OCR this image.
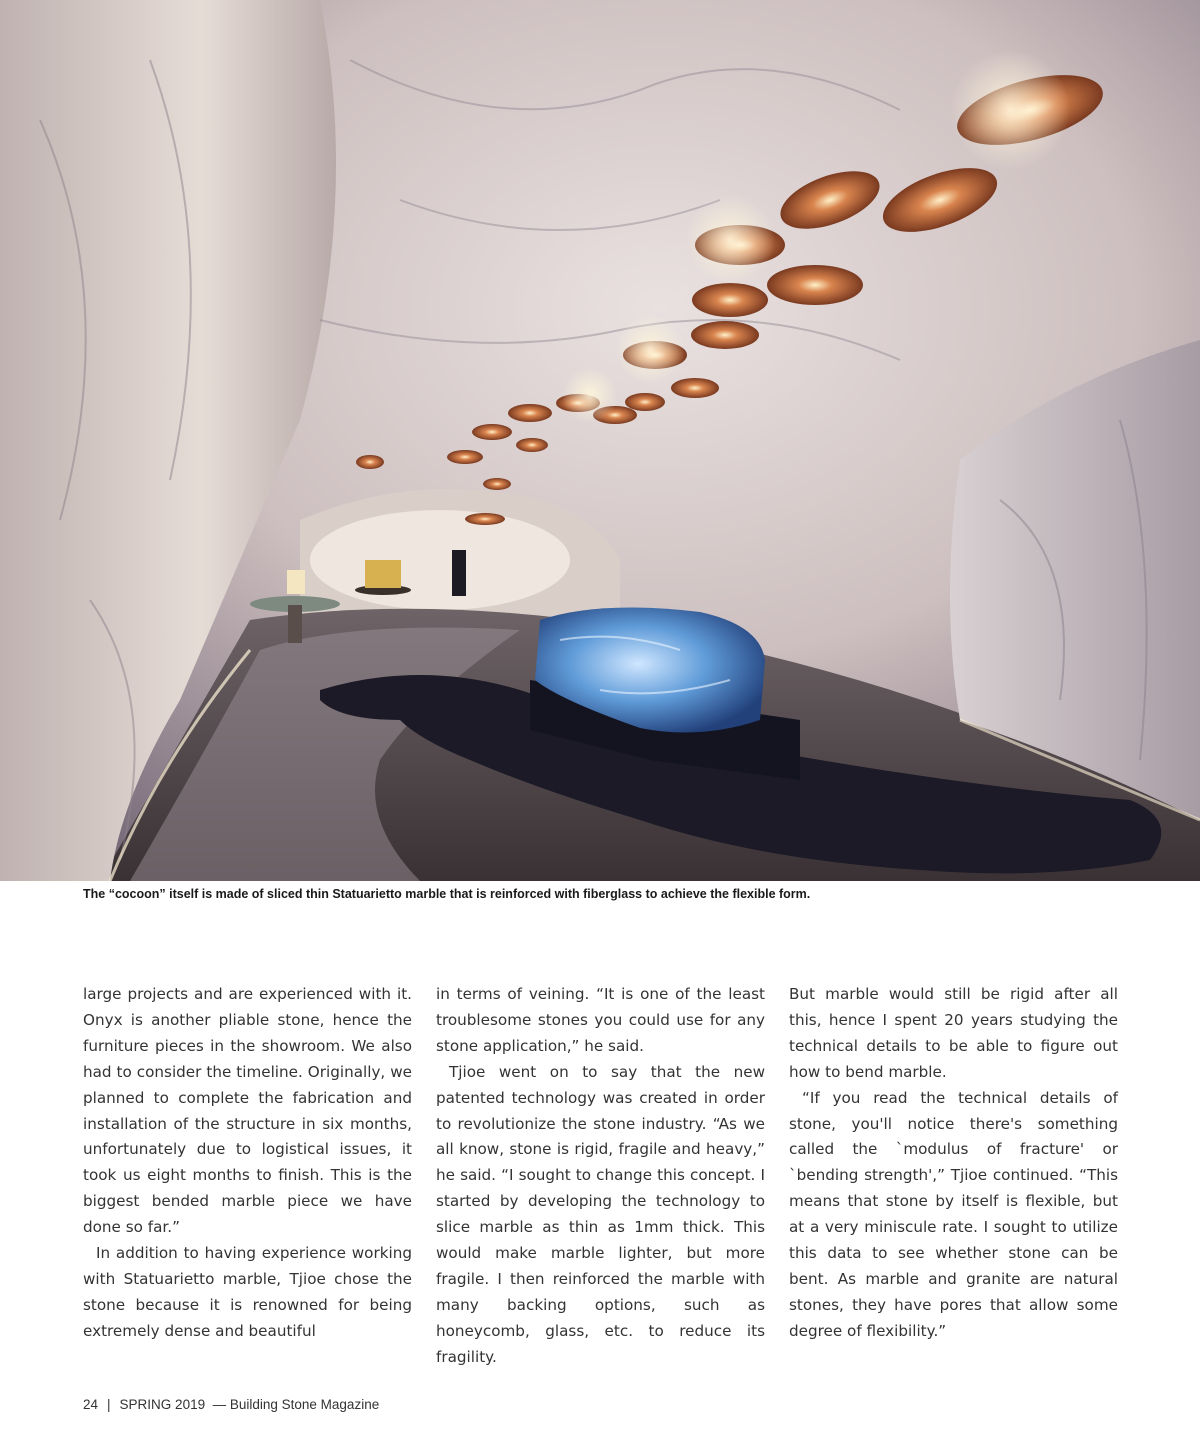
The “cocoon” itself is made of sliced thin Statuarietto marble that is reinforced with fiberglass to achieve the flexible form.

large projects and are experienced with it. Onyx is another pliable stone, hence the furniture pieces in the showroom. We also had to consider the timeline. Originally, we planned to complete the fabrication and installation of the structure in six months, unfortunately due to logistical issues, it took us eight months to finish. This is the biggest bended marble piece we have done so far.”

In addition to having experience working with Statuarietto marble, Tjioe chose the stone because it is renowned for being extremely dense and beautiful

in terms of veining. “It is one of the least troublesome stones you could use for any stone application,” he said.

Tjioe went on to say that the new patented technology was created in order to revolutionize the stone industry. “As we all know, stone is rigid, fragile and heavy,” he said. “I sought to change this concept. I started by developing the technology to slice marble as thin as 1mm thick. This would make marble lighter, but more fragile. I then reinforced the marble with many backing options, such as honeycomb, glass, etc. to reduce its fragility.

But marble would still be rigid after all this, hence I spent 20 years studying the technical details to be able to figure out how to bend marble.

“If you read the technical details of stone, you'll notice there's something called the `modulus of fracture' or `bending strength',” Tjioe continued. “This means that stone by itself is flexible, but at a very miniscule rate. I sought to utilize this data to see whether stone can be bent. As marble and granite are natural stones, they have pores that allow some degree of flexibility.”

24 | SPRING 2019 — Building Stone Magazine
